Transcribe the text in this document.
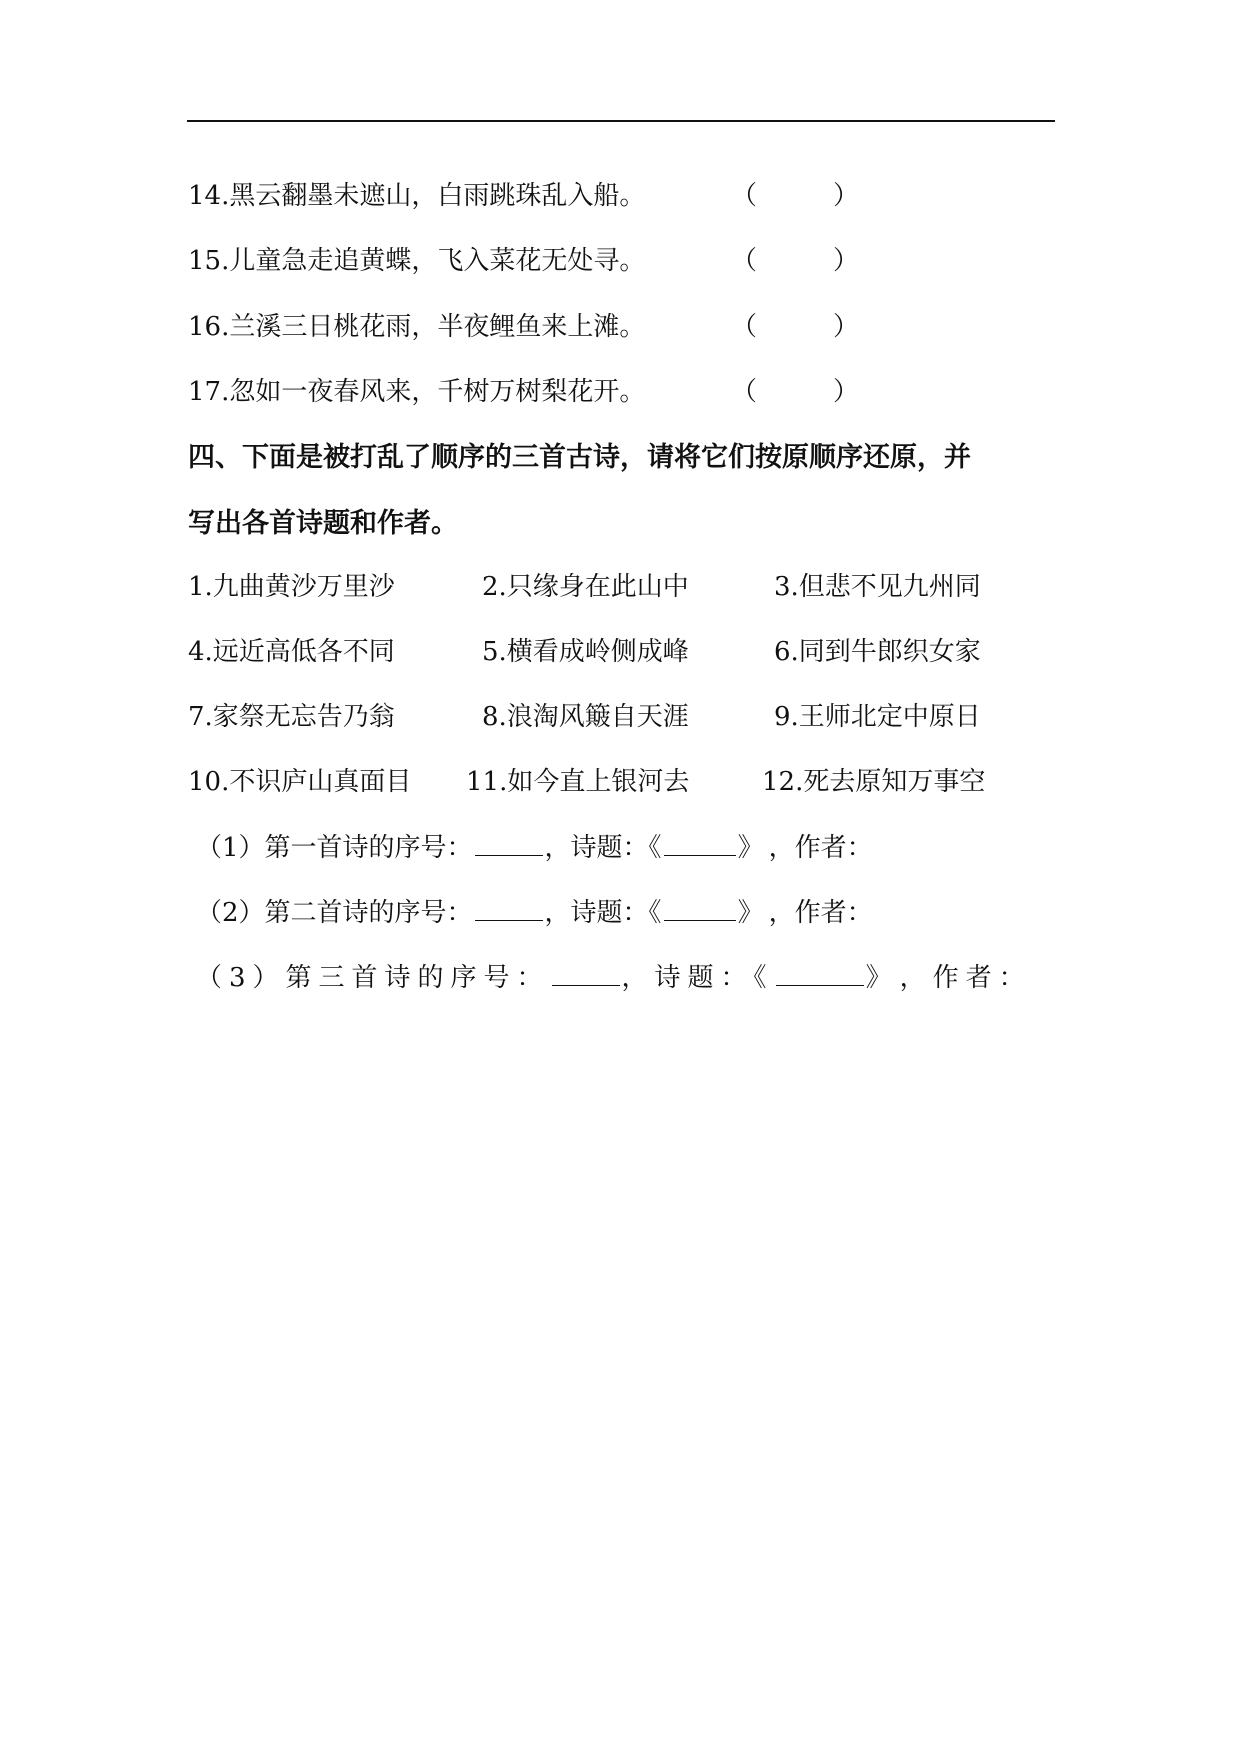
14.黑云翻墨未遮山，白雨跳珠乱入船。	（	）
15.儿童急走追黄蝶，飞入菜花无处寻。	（	）
16.兰溪三日桃花雨，半夜鲤鱼来上滩。	（	）
17.忽如一夜春风来，千树万树梨花开。	（	）
四、下面是被打乱了顺序的三首古诗，请将它们按原顺序还原，并
写出各首诗题和作者。
1.九曲黄沙万里沙	2.只缘身在此山中	3.但悲不见九州同
4.远近高低各不同	5.横看成岭侧成峰	6.同到牛郎织女家
7.家祭无忘告乃翁	8.浪淘风簸自天涯	9.王师北定中原日
10.不识庐山真面目 11.如今直上银河去	12.死去原知万事空
（1）第一首诗的序号：	，诗题：《	》 ，作者：
（2）第二首诗的序号：	，诗题：《	》 ，作者：
（3）第三首诗的序号：	，诗题：《	》 ，作者：
